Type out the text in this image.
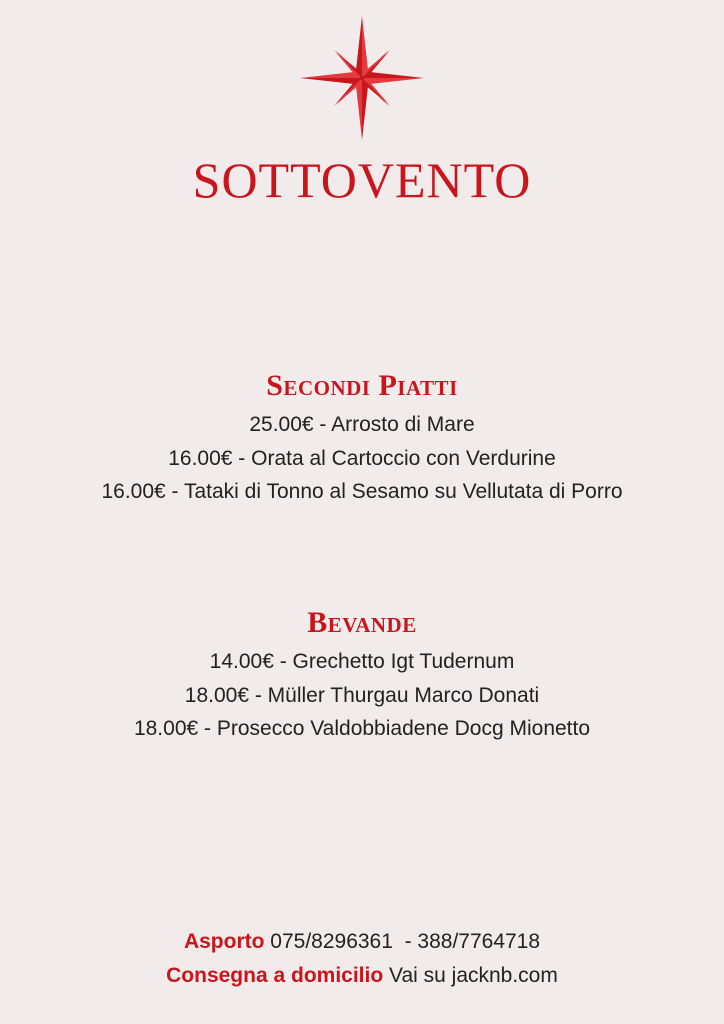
SOTTOVENTO
Secondi Piatti
25.00€ - Arrosto di Mare
16.00€ - Orata al Cartoccio con Verdurine
16.00€ - Tataki di Tonno al Sesamo su Vellutata di Porro
Bevande
14.00€ - Grechetto Igt Tudernum
18.00€ - Müller Thurgau Marco Donati
18.00€ - Prosecco Valdobbiadene Docg Mionetto
Asporto 075/8296361  - 388/7764718
Consegna a domicilio Vai su jacknb.com
